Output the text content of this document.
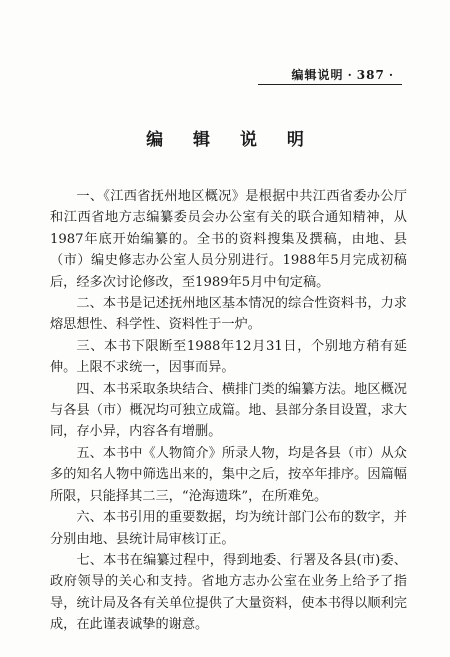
编辑说明 · 387 ·
编 辑 说 明

一、《江西省抚州地区概况》是根据中共江西省委办公厅和江西省地方志编纂委员会办公室有关的联合通知精神，从1987年底开始编纂的。全书的资料搜集及撰稿，由地、县（市）编史修志办公室人员分别进行。1988年5月完成初稿后，经多次讨论修改，至1989年5月中旬定稿。

二、本书是记述抚州地区基本情况的综合性资料书，力求熔思想性、科学性、资料性于一炉。

三、本书下限断至1988年12月31日，个别地方稍有延伸。上限不求统一，因事而异。

四、本书采取条块结合、横排门类的编纂方法。地区概况与各县（市）概况均可独立成篇。地、县部分条目设置，求大同，存小异，内容各有增删。

五、本书中《人物简介》所录人物，均是各县（市）从众多的知名人物中筛选出来的，集中之后，按卒年排序。因篇幅所限，只能择其二三，“沧海遗珠”，在所难免。

六、本书引用的重要数据，均为统计部门公布的数字，并分别由地、县统计局审核订正。

七、本书在编纂过程中，得到地委、行署及各县(市)委、政府领导的关心和支持。省地方志办公室在业务上给予了指导，统计局及各有关单位提供了大量资料，使本书得以顺利完成，在此谨表诚挚的谢意。
